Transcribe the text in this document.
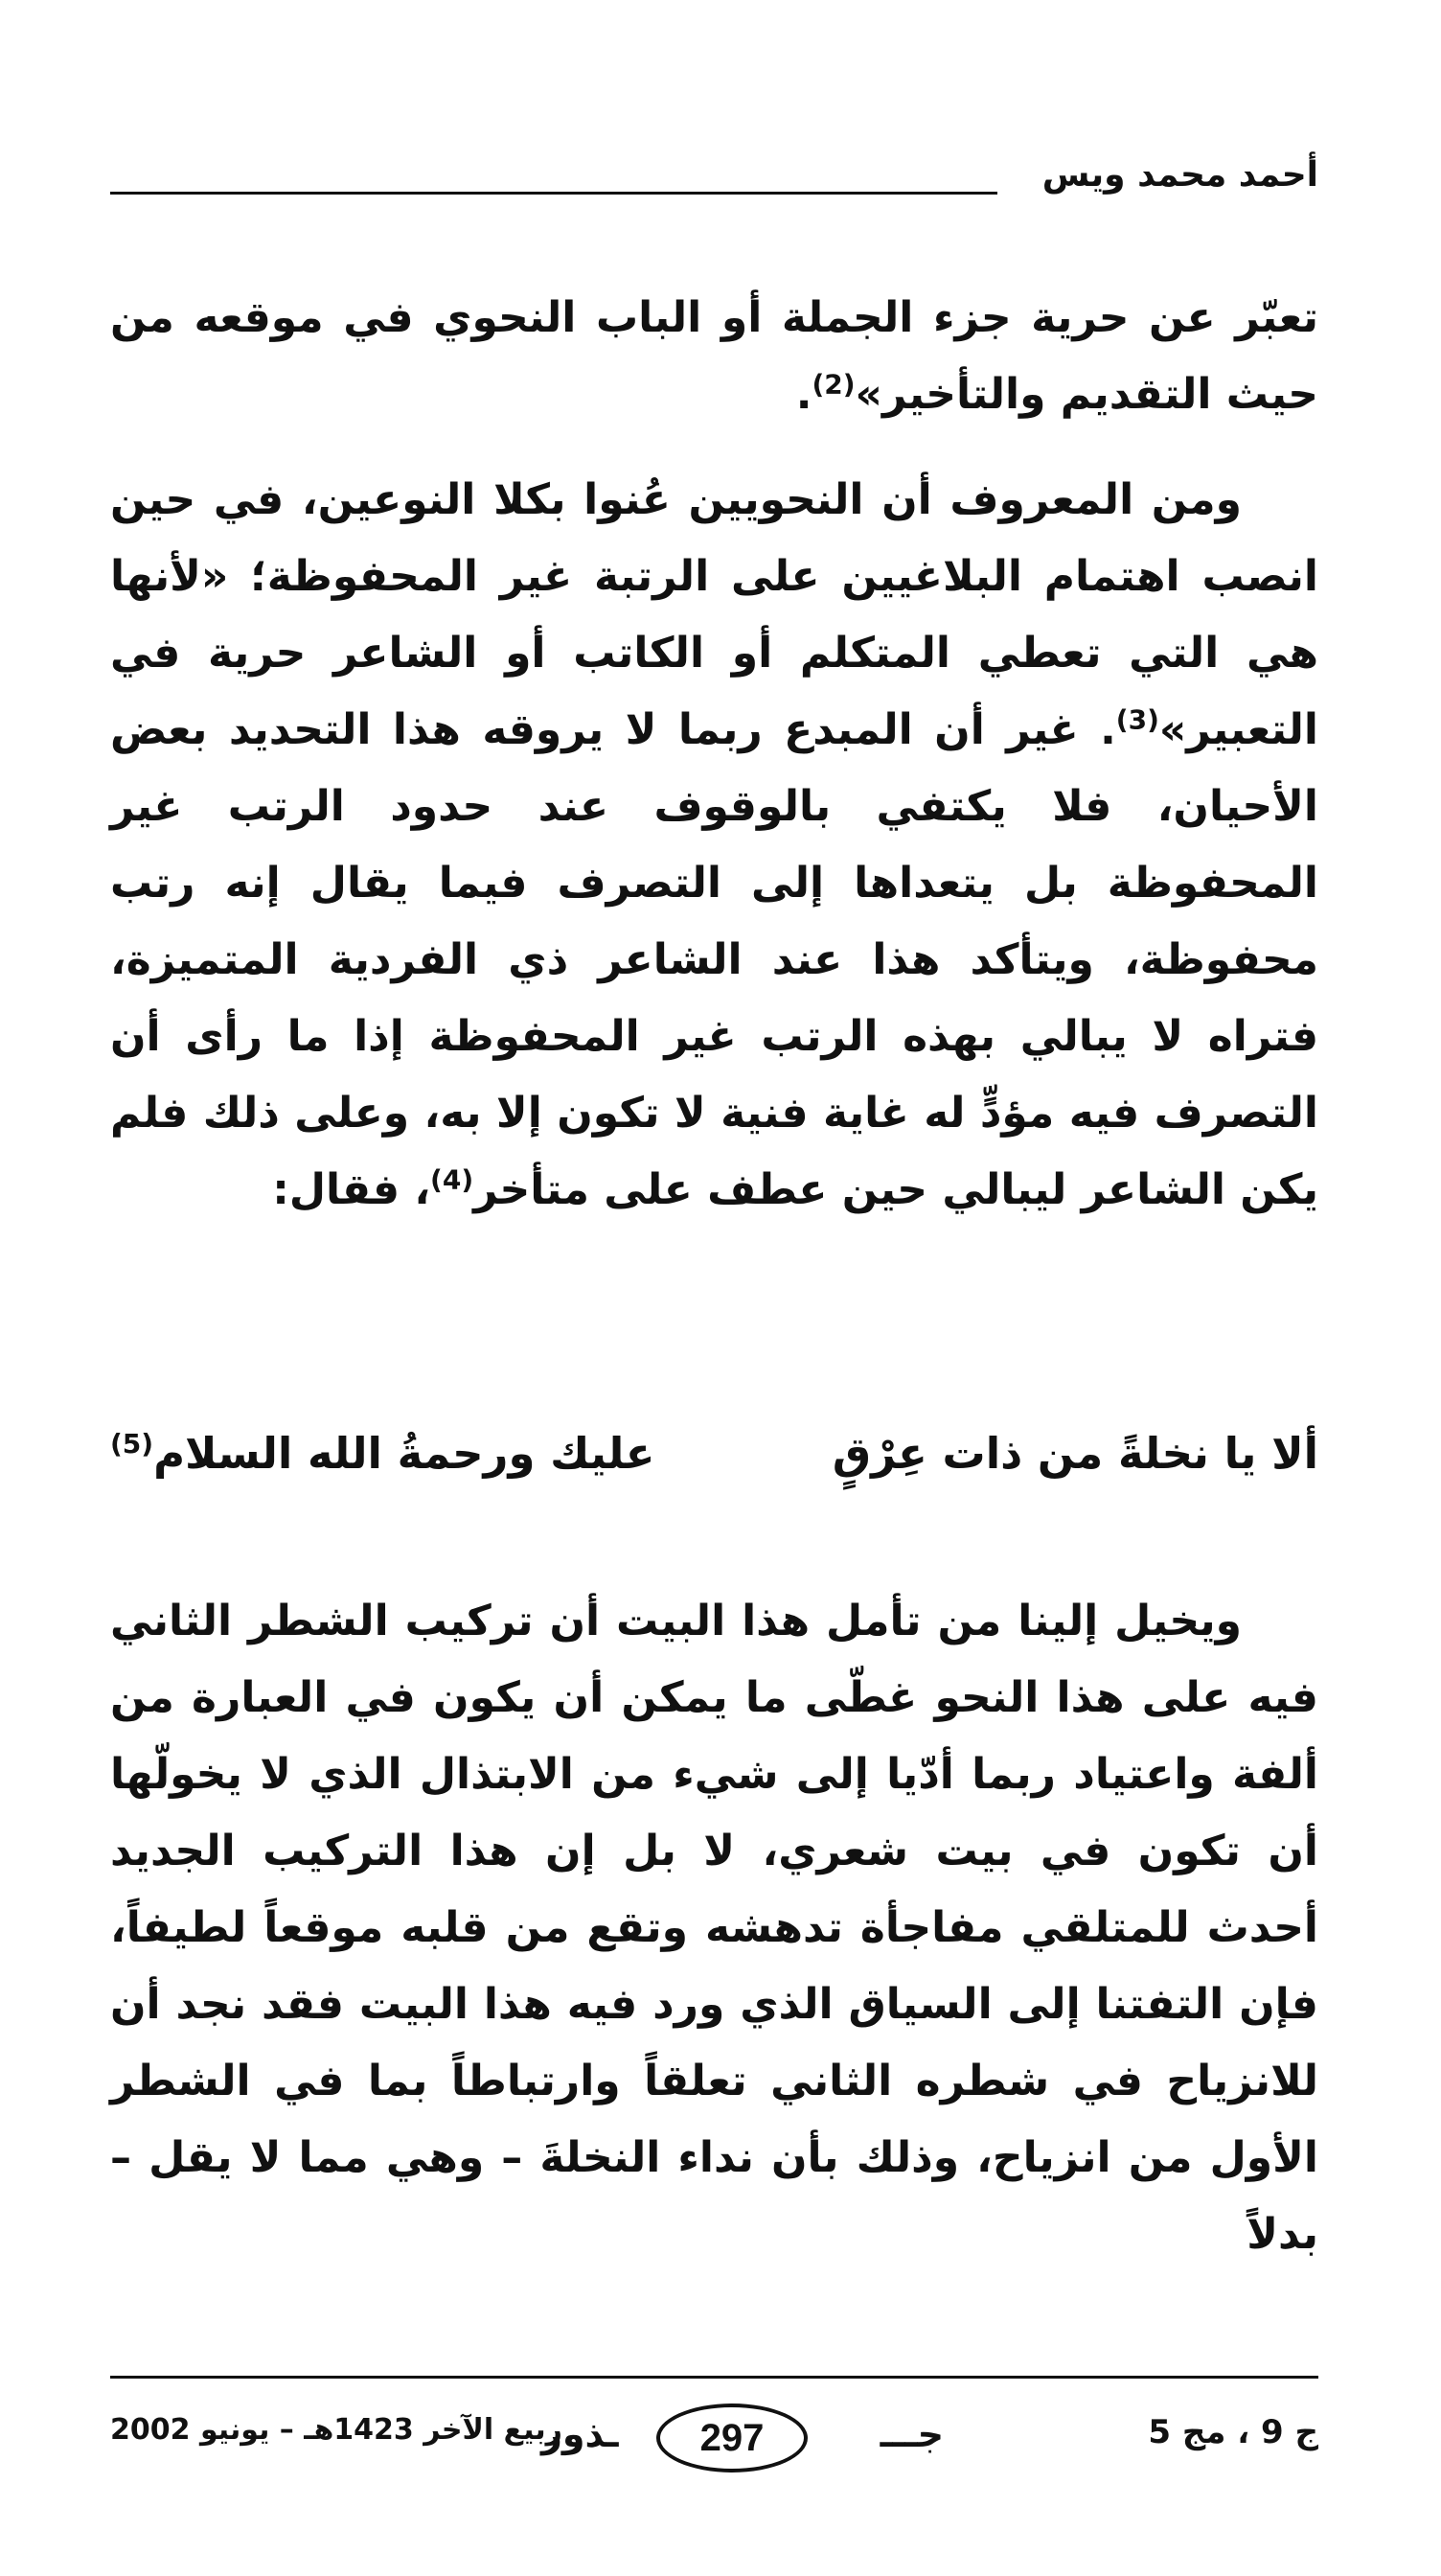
أحمد محمد ويس

تعبّر عن حرية جزء الجملة أو الباب النحوي في موقعه من حيث التقديم والتأخير»$^{(2)}$.

ومن المعروف أن النحويين عُنوا بكلا النوعين، في حين انصب اهتمام البلاغيين على الرتبة غير المحفوظة؛ «لأنها هي التي تعطي المتكلم أو الكاتب أو الشاعر حرية في التعبير»$^{(3)}$. غير أن المبدع ربما لا يروقه هذا التحديد بعض الأحيان، فلا يكتفي بالوقوف عند حدود الرتب غير المحفوظة بل يتعداها إلى التصرف فيما يقال إنه رتب محفوظة، ويتأكد هذا عند الشاعر ذي الفردية المتميزة، فتراه لا يبالي بهذه الرتب غير المحفوظة إذا ما رأى أن التصرف فيه مؤدٍّ له غاية فنية لا تكون إلا به، وعلى ذلك فلم يكن الشاعر ليبالي حين عطف على متأخر$^{(4)}$، فقال:

ألا يا نخلةً من ذات عِرْقٍ
عليك ورحمةُ الله السلام$^{(5)}$

ويخيل إلينا من تأمل هذا البيت أن تركيب الشطر الثاني فيه على هذا النحو غطّى ما يمكن أن يكون في العبارة من ألفة واعتياد ربما أدّيا إلى شيء من الابتذال الذي لا يخولّها أن تكون في بيت شعري، لا بل إن هذا التركيب الجديد أحدث للمتلقي مفاجأة تدهشه وتقع من قلبه موقعاً لطيفاً، فإن التفتنا إلى السياق الذي ورد فيه هذا البيت فقد نجد أن للانزياح في شطره الثاني تعلقاً وارتباطاً بما في الشطر الأول من انزياح، وذلك بأن نداء النخلةَ – وهي مما لا يقل – بدلاً

ج 9 ، مج 5
جـــ
297
ـذور
ربيع الآخر 1423هـ – يونيو 2002
